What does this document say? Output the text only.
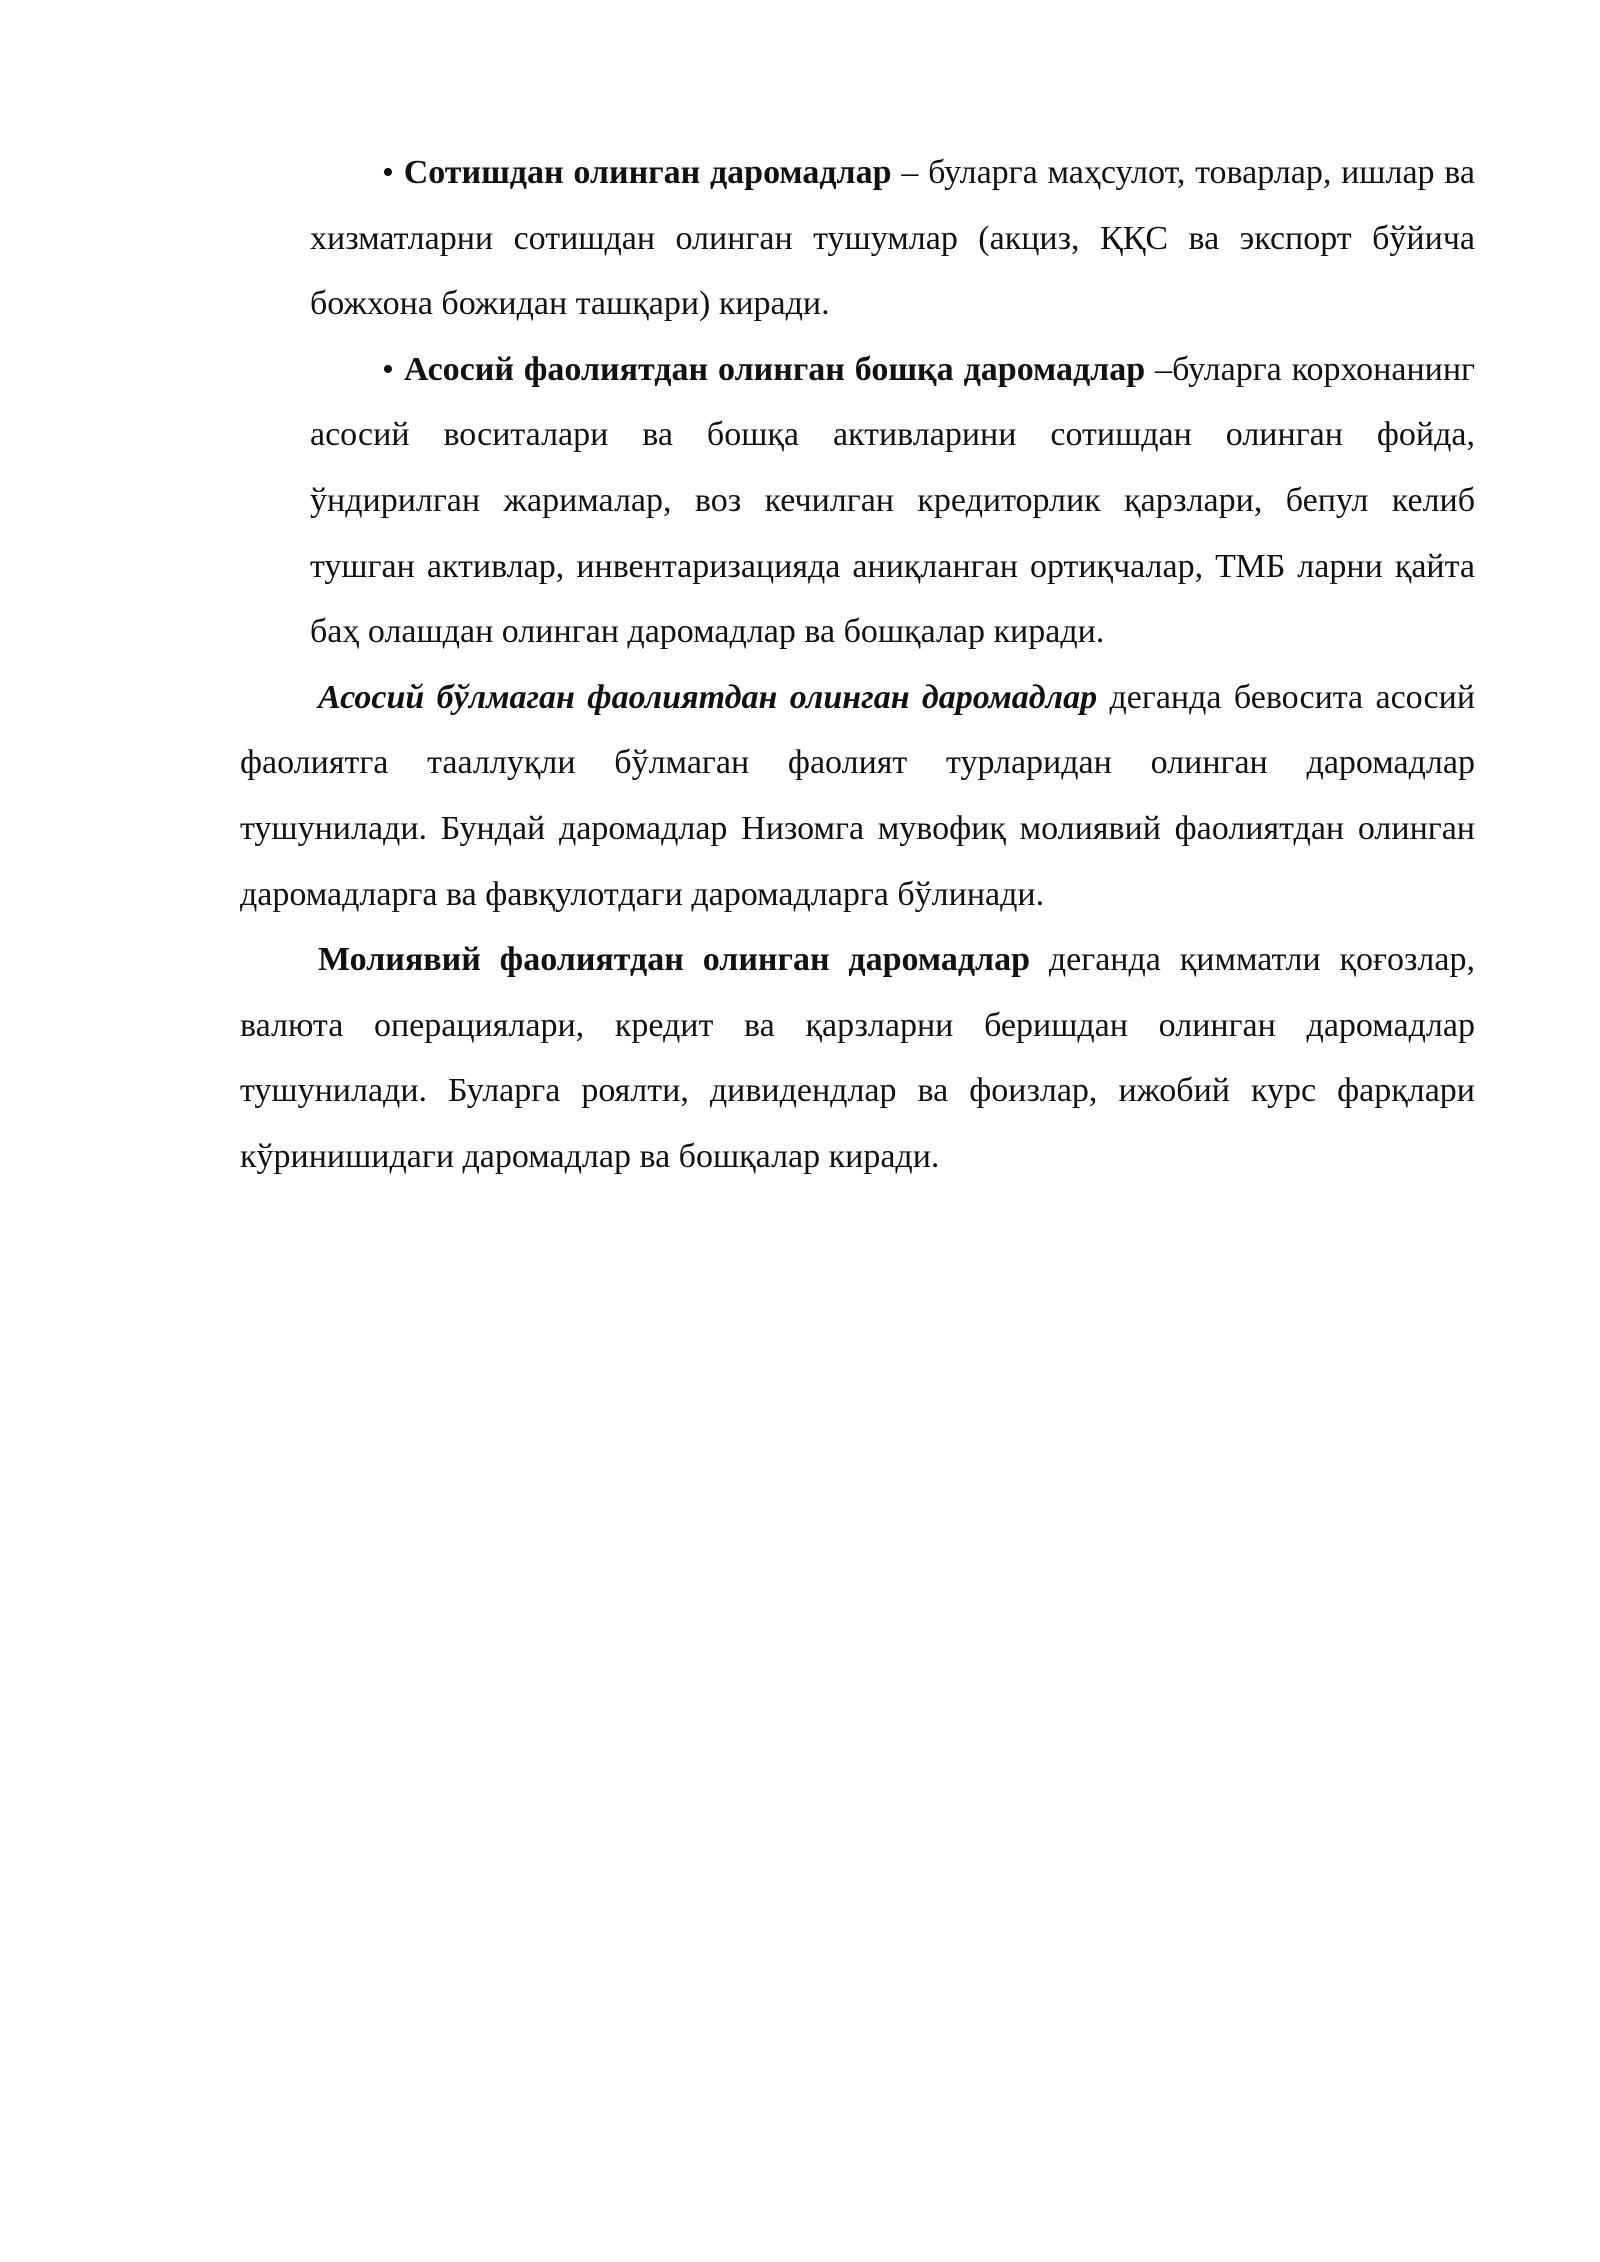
• Сотишдан олинган даромадлар – буларга маҳсулот, товарлар, ишлар ва хизматларни сотишдан олинган тушумлар (акциз, ҚҚС ва экспорт бўйича божхона божидан ташқари) киради.

• Асосий фаолиятдан олинган бошқа даромадлар –буларга корхонанинг асосий воситалари ва бошқа активларини сотишдан олинган фойда, ўндирилган жарималар, воз кечилган кредиторлик қарзлари, бепул келиб тушган активлар, инвентаризацияда аниқланган ортиқчалар, ТМБ ларни қайта баҳ олашдан олинган даромадлар ва бошқалар киради.

Асосий бўлмаган фаолиятдан олинган даромадлар деганда бевосита асосий фаолиятга тааллуқли бўлмаган фаолият турларидан олинган даромадлар тушунилади. Бундай даромадлар Низомга мувофиқ молиявий фаолиятдан олинган даромадларга ва фавқулотдаги даромадларга бўлинади.

Молиявий фаолиятдан олинган даромадлар деганда қимматли қоғозлар, валюта операциялари, кредит ва қарзларни беришдан олинган даромадлар тушунилади. Буларга роялти, дивидендлар ва фоизлар, ижобий курс фарқлари кўринишидаги даромадлар ва бошқалар киради.
